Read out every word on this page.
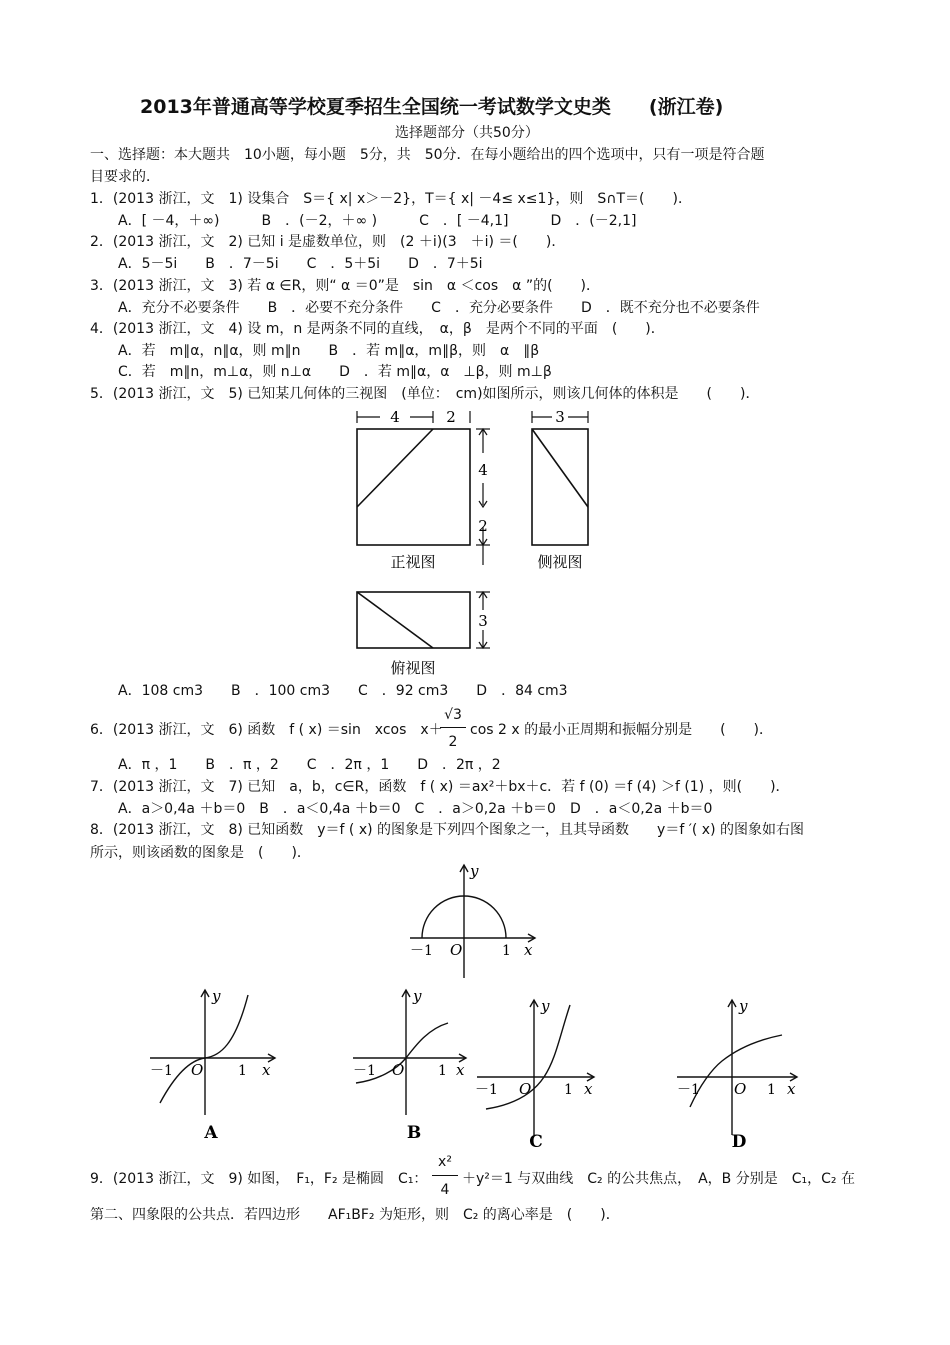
2013年普通高等学校夏季招生全国统一考试数学文史类　　(浙江卷)
选择题部分（共50分）
一、选择题：本大题共　10小题，每小题　5分，共　50分．在每小题给出的四个选项中，只有一项是符合题
目要求的．
1．(2013 浙江，文　1) 设集合　S＝{ x| x＞－2}，T＝{ x| －4≤ x≤1}，则　S∩T＝(　　)．
A．[ －4，＋∞)　　　B　．(－2，＋∞ )　　　C　．[ －4,1]　　　D　．(－2,1]
2．(2013 浙江，文　2) 已知 i 是虚数单位，则　(2 ＋i)(3　＋i) ＝(　　)．
A．5－5i　　B　．7－5i　　C　．5＋5i　　D　．7＋5i
3．(2013 浙江，文　3) 若 α ∈R，则“ α ＝0”是　sin　α ＜cos　α ”的(　　)．
A．充分不必要条件　　B　．必要不充分条件　　C　．充分必要条件　　D　．既不充分也不必要条件
4．(2013 浙江，文　4) 设 m，n 是两条不同的直线，　α，β　是两个不同的平面　(　　)．
A．若　m∥α，n∥α，则 m∥n　　B　．若 m∥α，m∥β，则　α　∥β
C．若　m∥n，m⊥α，则 n⊥α　　D　．若 m∥α，α　⊥β，则 m⊥β
5．(2013 浙江，文　5) 已知某几何体的三视图　(单位：　cm)如图所示，则该几何体的体积是　　(　　)．
4	2
4
2
正视图
3
侧视图
3
俯视图
A．108 cm3　　B　．100 cm3　　C　．92 cm3　　D　．84 cm3
6．(2013 浙江，文　6) 函数　f ( x) ＝sin　xcos　x＋
√3
2
cos 2 x 的最小正周期和振幅分别是　　(　　)．
A．π ，1　　B　．π ，2　　C　．2π ，1　　D　．2π ，2
7．(2013 浙江，文　7) 已知　a，b，c∈R，函数　f ( x) ＝ax²＋bx＋c．若 f (0) ＝f (4) ＞f (1) ，则(　　)．
A．a＞0,4a ＋b＝0　B　．a＜0,4a ＋b＝0　C　．a＞0,2a ＋b＝0　D　．a＜0,2a ＋b＝0
8．(2013 浙江，文　8) 已知函数　y＝f ( x) 的图象是下列四个图象之一，且其导函数　　y＝f ′( x) 的图象如右图
所示，则该函数的图象是　(　　)．
x
y
O
－1	1
x
y
O
－1	1
A
x
y
O
－1	1
B
x
y
O
－1	1
C
x
y
O
－1	1
D
9．(2013 浙江，文　9) 如图，　F₁，F₂ 是椭圆　C₁：
x²
4
＋y²＝1 与双曲线　C₂ 的公共焦点，　A，B 分别是　C₁，C₂ 在
第二、四象限的公共点．若四边形　　AF₁BF₂ 为矩形，则　C₂ 的离心率是　(　　)．
